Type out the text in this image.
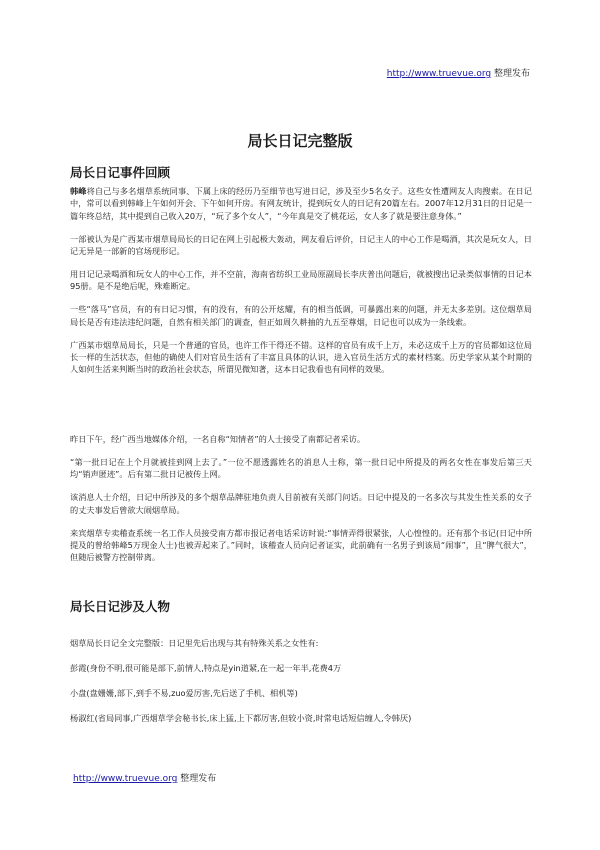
http://www.truevue.org 整理发布
局长日记完整版
局长日记事件回顾

韩峰将自己与多名烟草系统同事、下属上床的经历乃至细节也写进日记，涉及至少5名女子。这些女性遭网友人肉搜索。在日记中，常可以看到韩峰上午如何开会、下午如何开房。有网友统计，提到玩女人的日记有20篇左右。2007年12月31日的日记是一篇年终总结，其中提到自己收入20万，“玩了多个女人”，“今年真是交了桃花运，女人多了就是要注意身体。”

一部被认为是广西某市烟草局局长的日记在网上引起极大轰动，网友看后评价，日记主人的中心工作是喝酒，其次是玩女人，日记无异是一部新的官场现形记。

用日记记录喝酒和玩女人的中心工作，并不空前，海南省纺织工业局原副局长李庆普出问题后，就被搜出记录类似事情的日记本95册。是不是绝后呢，殊难断定。

一些“落马”官员，有的有日记习惯，有的没有，有的公开炫耀，有的相当低调，可暴露出来的问题，并无太多差别。这位烟草局局长是否有违法违纪问题，自然有相关部门的调查，但正如周久耕抽的九五至尊烟，日记也可以成为一条线索。

广西某市烟草局局长，只是一个普通的官员，也许工作干得还不错。这样的官员有成千上万，未必这成千上万的官员都如这位局长一样的生活状态，但他的确使人们对官员生活有了丰富且具体的认识，进入官员生活方式的素材档案。历史学家从某个时期的人如何生活来判断当时的政治社会状态，所谓见微知著，这本日记我看也有同样的效果。

昨日下午，经广西当地媒体介绍，一名自称“知情者”的人士接受了南都记者采访。

“第一批日记在上个月就被挂到网上去了。”一位不愿透露姓名的消息人士称，第一批日记中所提及的两名女性在事发后第三天均“销声匿迹”。后有第二批日记被传上网。

该消息人士介绍，日记中所涉及的多个烟草品牌驻地负责人目前被有关部门问话。日记中提及的一名多次与其发生性关系的女子的丈夫事发后曾欲大闹烟草局。

来宾烟草专卖稽查系统一名工作人员接受南方都市报记者电话采访时说:“事情弄得很紧张，人心惶惶的。还有那个书记(日记中所提及的曾给韩峰5万现金人士)也被弄起来了。”同时，该稽查人员向记者证实，此前确有一名男子到该局“闹事”，且“脾气很大”，但随后被警方控制带离。

局长日记涉及人物

烟草局长日记全文完整版：日记里先后出现与其有特殊关系之女性有:

彭霞(身份不明,很可能是部下,前情人,特点是yin道紧,在一起一年半,花费4万

小盘(盘姗姗,部下,到手不易,zuo爱厉害,先后送了手机、相机等)

杨淑红(省局同事,广西烟草学会秘书长,床上猛,上下都厉害,但较小资,时常电话短信缠人,令韩厌)

http://www.truevue.org 整理发布
